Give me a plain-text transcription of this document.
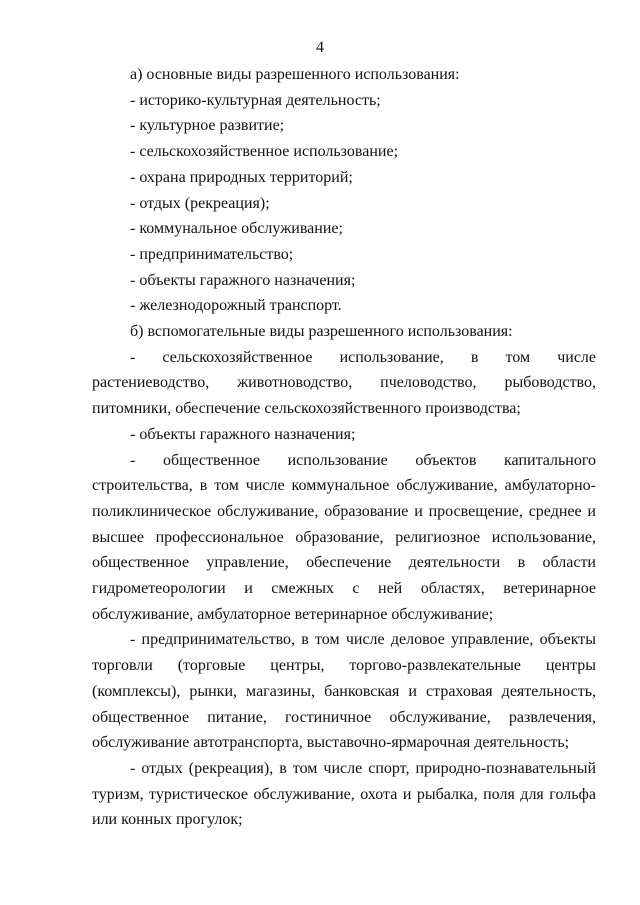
4

а) основные виды разрешенного использования:

- историко-культурная деятельность;

- культурное развитие;

- сельскохозяйственное использование;

- охрана природных территорий;

- отдых (рекреация);

- коммунальное обслуживание;

- предпринимательство;

- объекты гаражного назначения;

- железнодорожный транспорт.

б) вспомогательные виды разрешенного использования:

- сельскохозяйственное использование, в том числе растениеводство, животноводство, пчеловодство, рыбоводство, питомники, обеспечение сельскохозяйственного производства;

- объекты гаражного назначения;

- общественное использование объектов капитального строительства, в том числе коммунальное обслуживание, амбулаторно-поликлиническое обслуживание, образование и просвещение, среднее и высшее профессиональное образование, религиозное использование, общественное управление, обеспечение деятельности в области гидрометеорологии и смежных с ней областях, ветеринарное обслуживание, амбулаторное ветеринарное обслуживание;

- предпринимательство, в том числе деловое управление, объекты торговли (торговые центры, торгово-развлекательные центры (комплексы), рынки, магазины, банковская и страховая деятельность, общественное питание, гостиничное обслуживание, развлечения, обслуживание автотранспорта, выставочно-ярмарочная деятельность;

- отдых (рекреация), в том числе спорт, природно-познавательный туризм, туристическое обслуживание, охота и рыбалка, поля для гольфа или конных прогулок;
